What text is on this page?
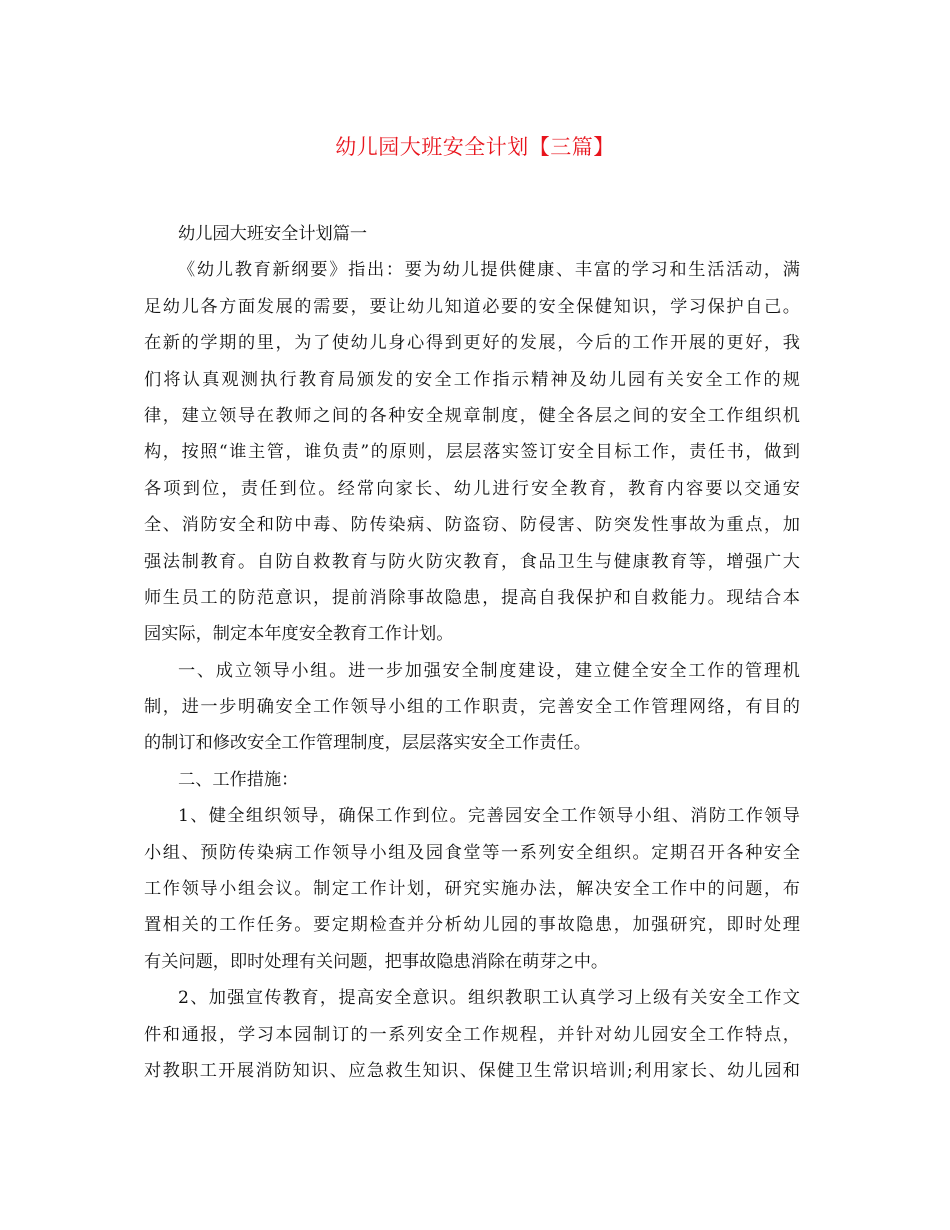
幼儿园大班安全计划【三篇】
幼儿园大班安全计划篇一
《幼儿教育新纲要》指出：要为幼儿提供健康、丰富的学习和生活活动，满
足幼儿各方面发展的需要，要让幼儿知道必要的安全保健知识，学习保护自己。
在新的学期的里，为了使幼儿身心得到更好的发展，今后的工作开展的更好，我
们将认真观测执行教育局颁发的安全工作指示精神及幼儿园有关安全工作的规
律，建立领导在教师之间的各种安全规章制度，健全各层之间的安全工作组织机
构，按照“谁主管，谁负责”的原则，层层落实签订安全目标工作，责任书，做到
各项到位，责任到位。经常向家长、幼儿进行安全教育，教育内容要以交通安
全、消防安全和防中毒、防传染病、防盗窃、防侵害、防突发性事故为重点，加
强法制教育。自防自救教育与防火防灾教育，食品卫生与健康教育等，增强广大
师生员工的防范意识，提前消除事故隐患，提高自我保护和自救能力。现结合本
园实际，制定本年度安全教育工作计划。
一、成立领导小组。进一步加强安全制度建设，建立健全安全工作的管理机
制，进一步明确安全工作领导小组的工作职责，完善安全工作管理网络，有目的
的制订和修改安全工作管理制度，层层落实安全工作责任。
二、工作措施：
1、健全组织领导，确保工作到位。完善园安全工作领导小组、消防工作领导
小组、预防传染病工作领导小组及园食堂等一系列安全组织。定期召开各种安全
工作领导小组会议。制定工作计划，研究实施办法，解决安全工作中的问题，布
置相关的工作任务。要定期检查并分析幼儿园的事故隐患，加强研究，即时处理
有关问题，即时处理有关问题，把事故隐患消除在萌芽之中。
2、加强宣传教育，提高安全意识。组织教职工认真学习上级有关安全工作文
件和通报，学习本园制订的一系列安全工作规程，并针对幼儿园安全工作特点，
对教职工开展消防知识、应急救生知识、保健卫生常识培训;利用家长、幼儿园和
